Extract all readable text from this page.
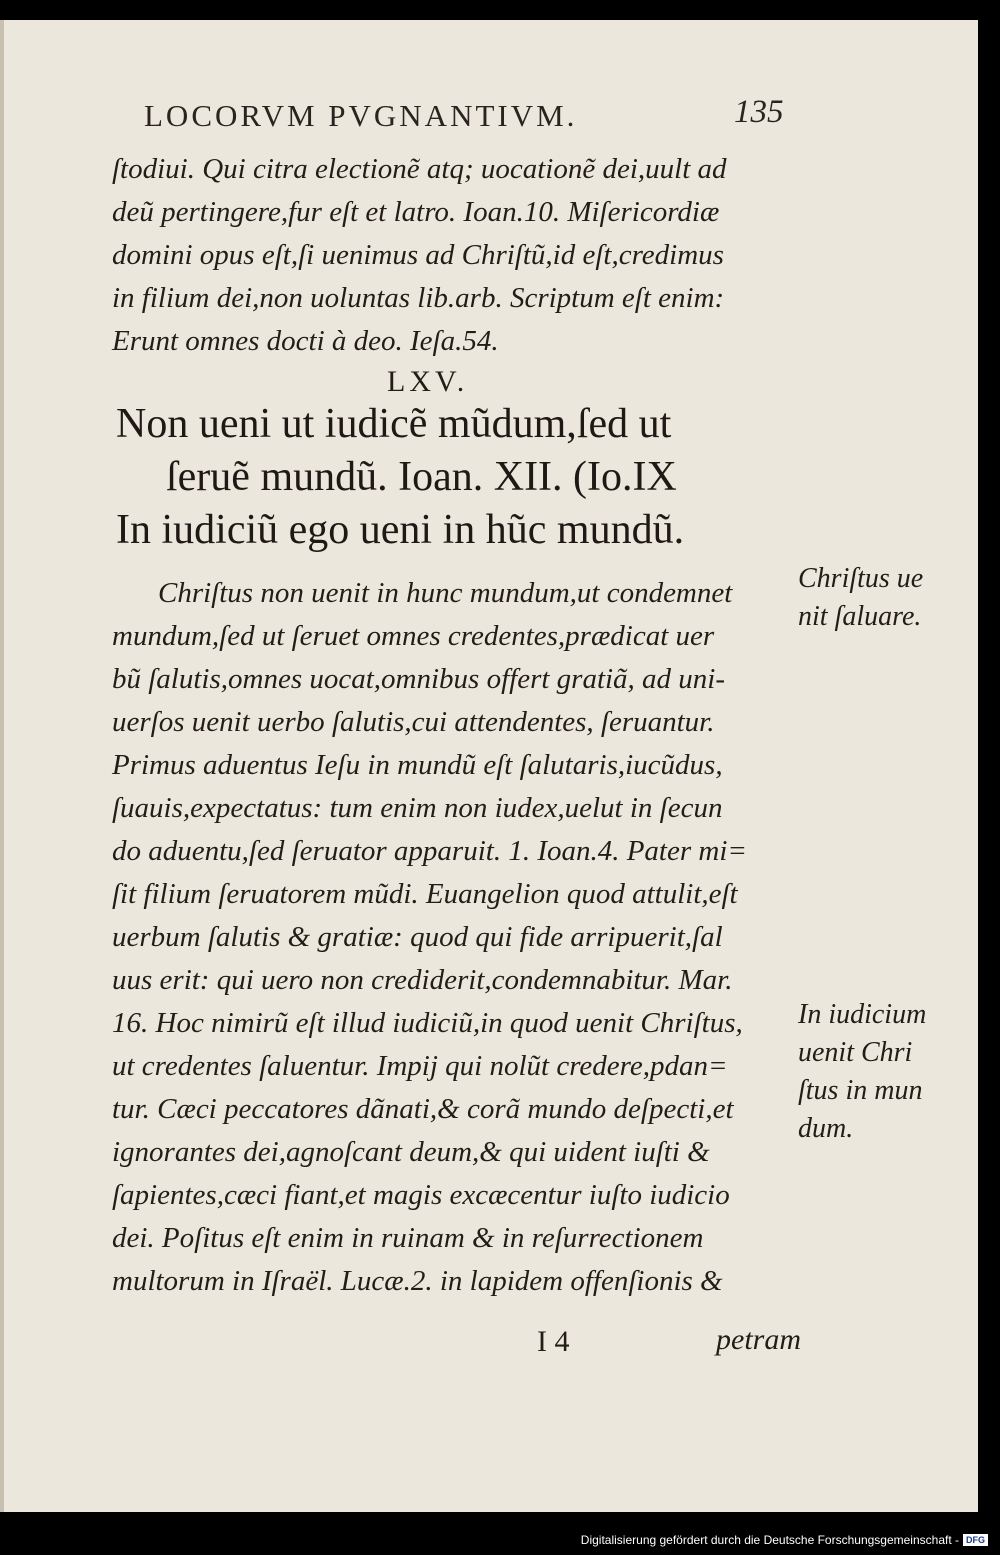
LOCORVM PVGNANTIVM.	135
ſtodiui. Qui citra electionẽ atq; uocationẽ dei,uult ad
deũ pertingere,fur eſt et latro. Ioan.10. Miſericordiæ
domini opus eſt,ſi uenimus ad Chriſtũ,id eſt,credimus
in filium dei,non uoluntas lib.arb. Scriptum eſt enim:
Erunt omnes docti à deo. Ieſa.54.
LXV.
Non ueni ut iudicẽ mũdum,ſed ut
ſeruẽ mundũ. Ioan. XII. (Io.IX
In iudiciũ ego ueni in hũc mundũ.
Chriſtus non uenit in hunc mundum,ut condemnet
mundum,ſed ut ſeruet omnes credentes,prædicat uer
bũ ſalutis,omnes uocat,omnibus offert gratiã, ad uni-
uerſos uenit uerbo ſalutis,cui attendentes, ſeruantur.
Primus aduentus Ieſu in mundũ eſt ſalutaris,iucũdus,
ſuauis,expectatus: tum enim non iudex,uelut in ſecun
do aduentu,ſed ſeruator apparuit. 1. Ioan.4. Pater mi=
ſit filium ſeruatorem mũdi. Euangelion quod attulit,eſt
uerbum ſalutis & gratiæ: quod qui fide arripuerit,ſal
uus erit: qui uero non crediderit,condemnabitur. Mar.
16. Hoc nimirũ eſt illud iudiciũ,in quod uenit Chriſtus,
ut credentes ſaluentur. Impij qui nolũt credere,pdan=
tur. Cæci peccatores dãnati,& corã mundo deſpecti,et
ignorantes dei,agnoſcant deum,& qui uident iuſti &
ſapientes,cæci fiant,et magis excæcentur iuſto iudicio
dei. Poſitus eſt enim in ruinam & in reſurrectionem
multorum in Iſraël. Lucæ.2. in lapidem offenſionis &
Chriſtus ue
nit ſaluare.
In iudicium
uenit Chri
ſtus in mun
dum.
I 4	petram
Digitalisierung gefördert durch die Deutsche Forschungsgemeinschaft - DFG
